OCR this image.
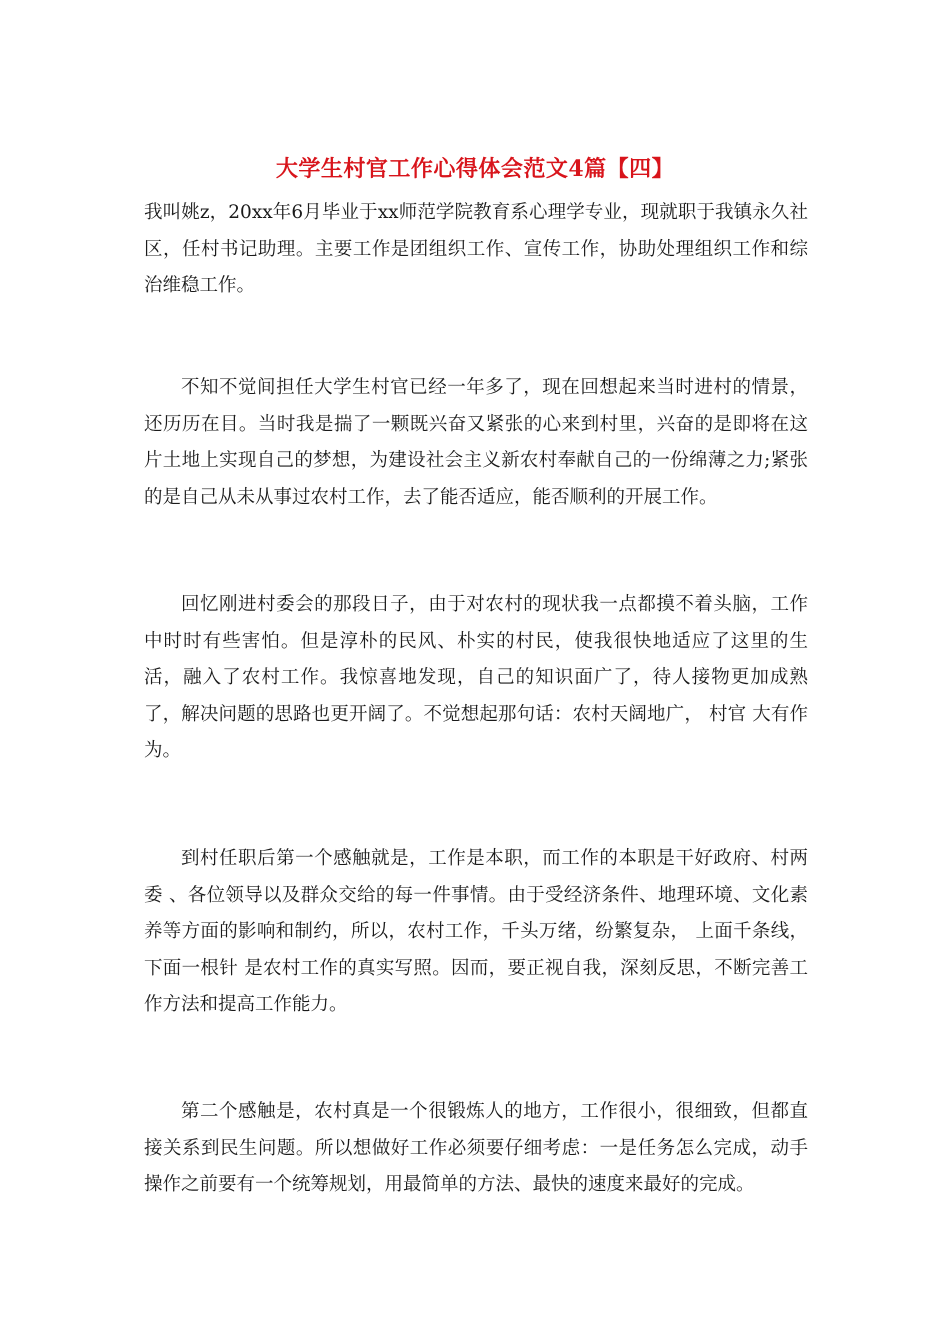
大学生村官工作心得体会范文4篇【四】

我叫姚z，20xx年6月毕业于xx师范学院教育系心理学专业，现就职于我镇永久社区，任村书记助理。主要工作是团组织工作、宣传工作，协助处理组织工作和综治维稳工作。

不知不觉间担任大学生村官已经一年多了，现在回想起来当时进村的情景，还历历在目。当时我是揣了一颗既兴奋又紧张的心来到村里，兴奋的是即将在这片土地上实现自己的梦想，为建设社会主义新农村奉献自己的一份绵薄之力;紧张的是自己从未从事过农村工作，去了能否适应，能否顺利的开展工作。

回忆刚进村委会的那段日子，由于对农村的现状我一点都摸不着头脑，工作中时时有些害怕。但是淳朴的民风、朴实的村民，使我很快地适应了这里的生活，融入了农村工作。我惊喜地发现，自己的知识面广了，待人接物更加成熟了，解决问题的思路也更开阔了。不觉想起那句话：农村天阔地广， 村官 大有作为。

到村任职后第一个感触就是，工作是本职，而工作的本职是干好政府、村两委 、各位领导以及群众交给的每一件事情。由于受经济条件、地理环境、文化素养等方面的影响和制约，所以，农村工作，千头万绪，纷繁复杂， 上面千条线，下面一根针 是农村工作的真实写照。因而，要正视自我，深刻反思，不断完善工作方法和提高工作能力。

第二个感触是，农村真是一个很锻炼人的地方，工作很小，很细致，但都直接关系到民生问题。所以想做好工作必须要仔细考虑：一是任务怎么完成，动手操作之前要有一个统筹规划，用最简单的方法、最快的速度来最好的完成。
